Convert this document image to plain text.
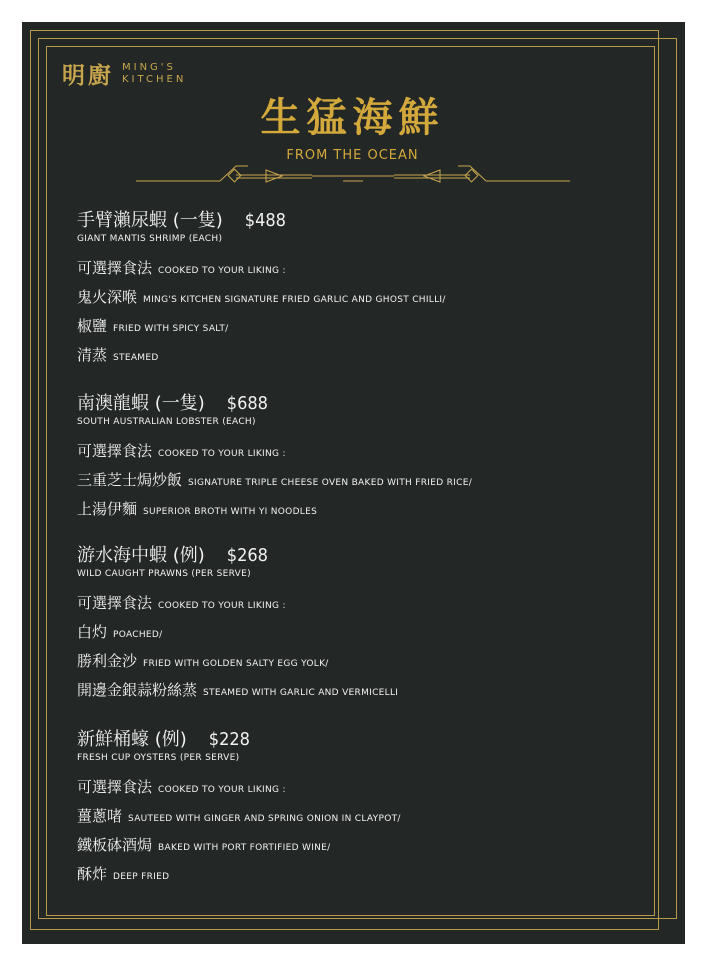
明廚 MING'S
KITCHEN
生猛海鮮
FROM THE OCEAN
手臂瀨尿蝦 (一隻) $488
GIANT MANTIS SHRIMP (EACH)
可選擇食法 COOKED TO YOUR LIKING :
鬼火深喉 MING'S KITCHEN SIGNATURE FRIED GARLIC AND GHOST CHILLI/
椒鹽 FRIED WITH SPICY SALT/
清蒸 STEAMED
南澳龍蝦 (一隻) $688
SOUTH AUSTRALIAN LOBSTER (EACH)
可選擇食法 COOKED TO YOUR LIKING :
三重芝士焗炒飯 SIGNATURE TRIPLE CHEESE OVEN BAKED WITH FRIED RICE/
上湯伊麵 SUPERIOR BROTH WITH YI NOODLES
游水海中蝦 (例) $268
WILD CAUGHT PRAWNS (PER SERVE)
可選擇食法 COOKED TO YOUR LIKING :
白灼 POACHED/
勝利金沙 FRIED WITH GOLDEN SALTY EGG YOLK/
開邊金銀蒜粉絲蒸 STEAMED WITH GARLIC AND VERMICELLI
新鮮桶蠔 (例) $228
FRESH CUP OYSTERS (PER SERVE)
可選擇食法 COOKED TO YOUR LIKING :
薑蔥啫 SAUTEED WITH GINGER AND SPRING ONION IN CLAYPOT/
鐵板砵酒焗 BAKED WITH PORT FORTIFIED WINE/
酥炸 DEEP FRIED
